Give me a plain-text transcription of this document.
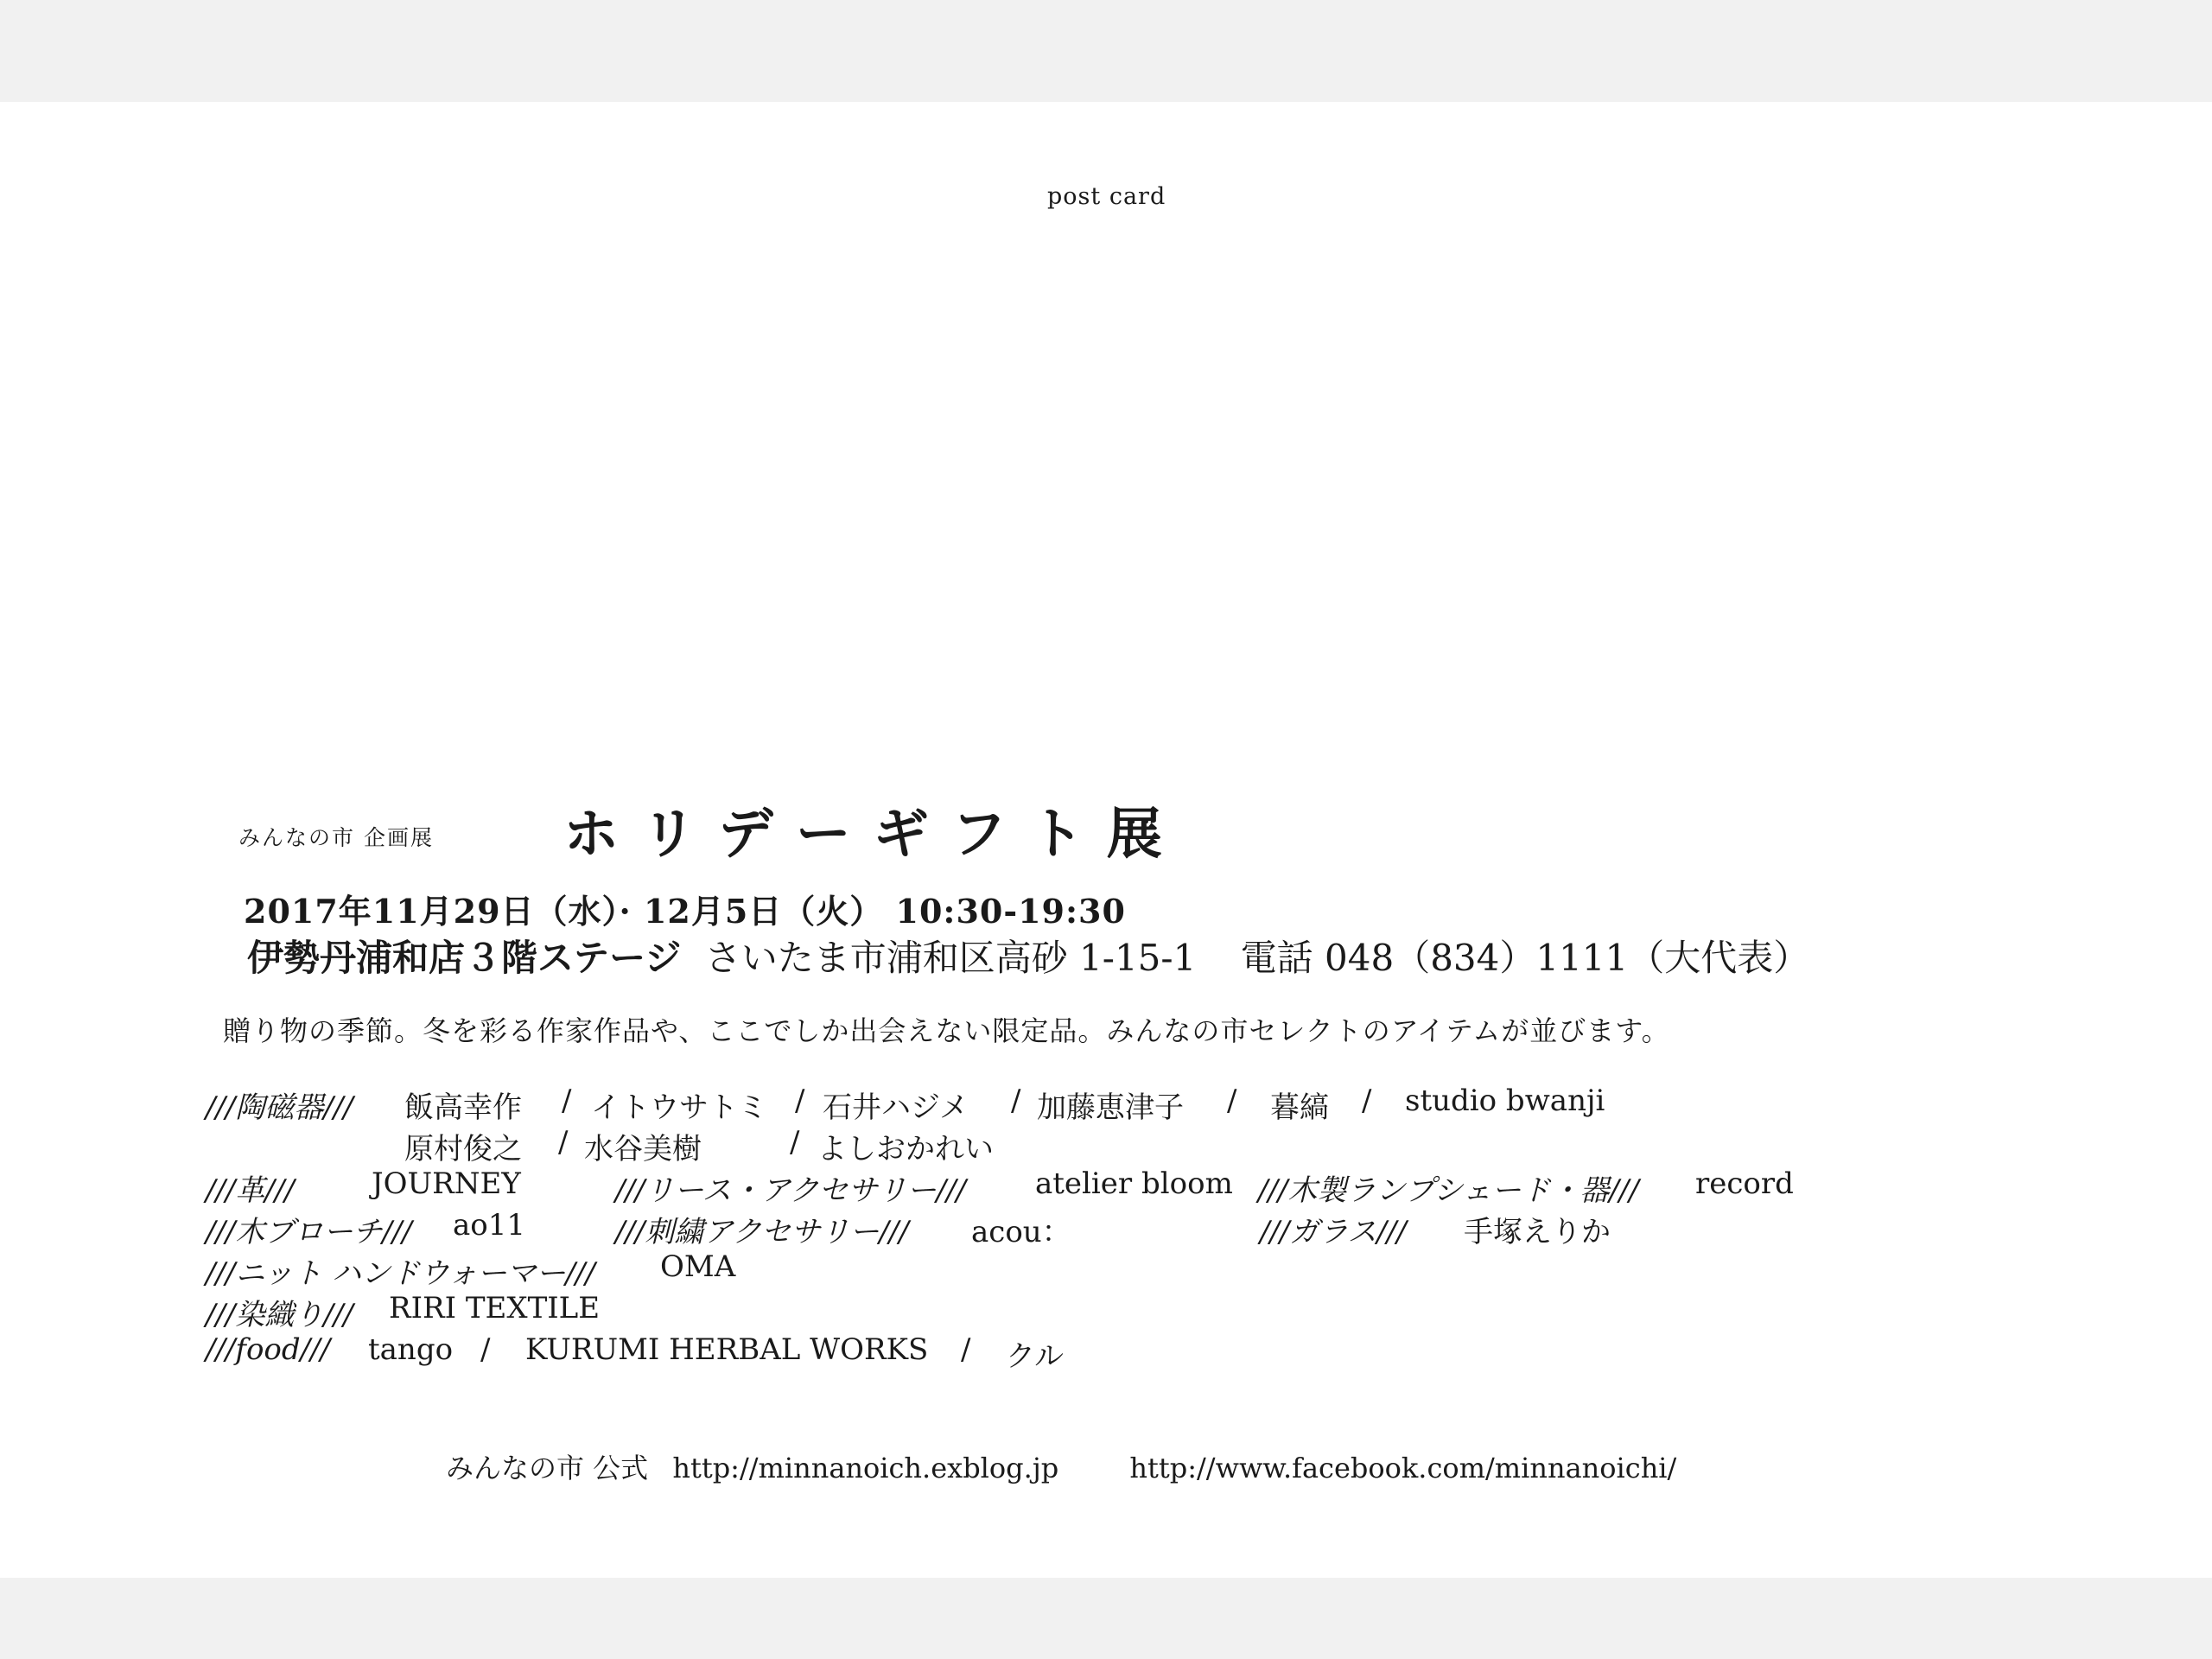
post card
みんなの市 企画展 ホリデーギフト展
2017年11月29日（水）· 12月5日（火） 10:30-19:30
伊勢丹浦和店３階ステージ さいたま市浦和区高砂 1-15-1 電話 048（834）1111（大代表）
贈り物の季節。冬を彩る作家作品や、ここでしか出会えない限定品。みんなの市セレクトのアイテムが並びます。
///陶磁器/// 飯高幸作 / イトウサトミ / 石井ハジメ / 加藤恵津子 / 暮縞 / studio bwanji
原村俊之 / 水谷美樹	/ よしおかれい
///革///	JOURNEY	///リース・アクセサリー/// atelier bloom ///木製ランプシェード・器/// record
///木ブローチ/// ao11	///刺繍アクセサリー/// acou：	///ガラス/// 手塚えりか
///ニット ハンドウォーマー/// OMA
///染織り/// RIRI TEXTILE
///food/// tango / KURUMI HERBAL WORKS / クル
みんなの市 公式 http://minnanoich.exblog.jp	http://www.facebook.com/minnanoichi/
